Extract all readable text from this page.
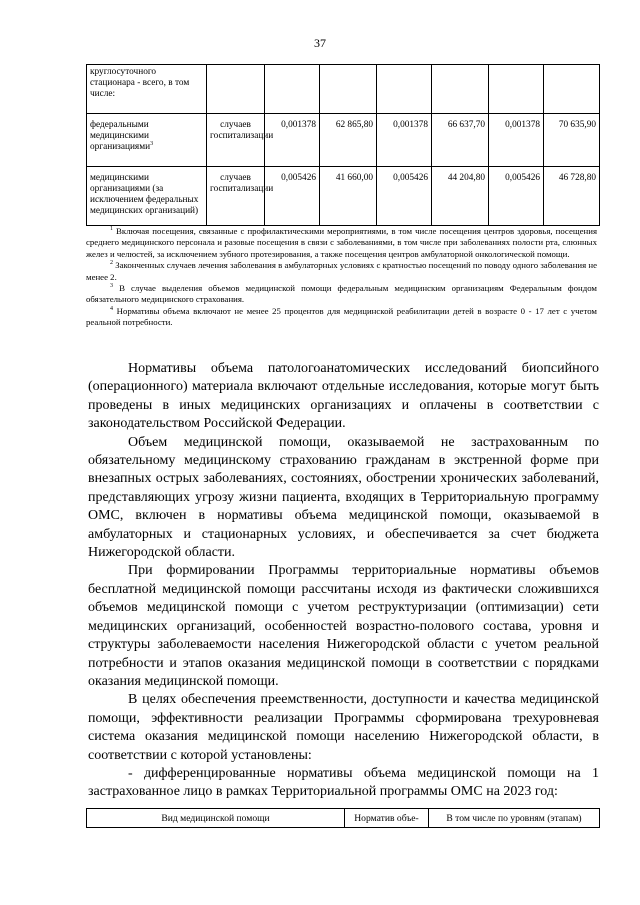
37
круглосуточного стационара - всего, в том числе:							
федеральными медицинскими организациями$^3$	случаев госпитализации	0,001378	62 865,80	0,001378	66 637,70	0,001378	70 635,90
медицинскими организациями (за исключением федеральных медицинских организаций)	случаев госпитализации	0,005426	41 660,00	0,005426	44 204,80	0,005426	46 728,80

$^1$ Включая посещения, связанные с профилактическими мероприятиями, в том числе посещения центров здоровья, посещения среднего медицинского персонала и разовые посещения в связи с заболеваниями, в том числе при заболеваниях полости рта, слюнных желез и челюстей, за исключением зубного протезирования, а также посещения центров амбулаторной онкологической помощи.

$^2$ Законченных случаев лечения заболевания в амбулаторных условиях с кратностью посещений по поводу одного заболевания не менее 2.

$^3$ В случае выделения объемов медицинской помощи федеральным медицинским организациям Федеральным фондом обязательного медицинского страхования.

$^4$ Нормативы объема включают не менее 25 процентов для медицинской реабилитации детей в возрасте 0 - 17 лет с учетом реальной потребности.

Нормативы объема патологоанатомических исследований биопсийного (операционного) материала включают отдельные исследования, которые могут быть проведены в иных медицинских организациях и оплачены в соответствии с законодательством Российской Федерации.

Объем медицинской помощи, оказываемой не застрахованным по обязательному медицинскому страхованию гражданам в экстренной форме при внезапных острых заболеваниях, состояниях, обострении хронических заболеваний, представляющих угрозу жизни пациента, входящих в Территориальную программу ОМС, включен в нормативы объема медицинской помощи, оказываемой в амбулаторных и стационарных условиях, и обеспечивается за счет бюджета Нижегородской области.

При формировании Программы территориальные нормативы объемов бесплатной медицинской помощи рассчитаны исходя из фактически сложившихся объемов медицинской помощи с учетом реструктуризации (оптимизации) сети медицинских организаций, особенностей возрастно-полового состава, уровня и структуры заболеваемости населения Нижегородской области с учетом реальной потребности и этапов оказания медицинской помощи в соответствии с порядками оказания медицинской помощи.

В целях обеспечения преемственности, доступности и качества медицинской помощи, эффективности реализации Программы сформирована трехуровневая система оказания медицинской помощи населению Нижегородской области, в соответствии с которой установлены:

- дифференцированные нормативы объема медицинской помощи на 1 застрахованное лицо в рамках Территориальной программы ОМС на 2023 год:

Вид медицинской помощи	Норматив объе-	В том числе по уровням (этапам)
